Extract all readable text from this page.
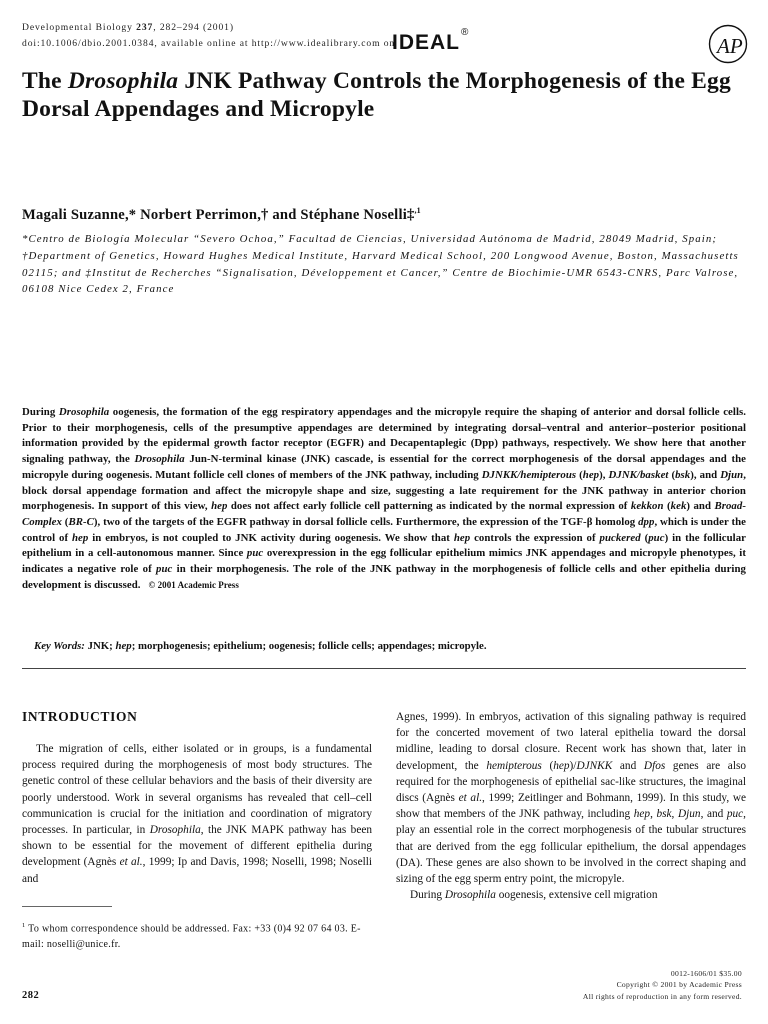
Developmental Biology 237, 282–294 (2001)
doi:10.1006/dbio.2001.0384, available online at http://www.idealibrary.com on
IDEAL®
AP
The Drosophila JNK Pathway Controls the Morphogenesis of the Egg Dorsal Appendages and Micropyle
Magali Suzanne,* Norbert Perrimon,† and Stéphane Noselli‡$^{,1}$
*Centro de Biología Molecular “Severo Ochoa,” Facultad de Ciencias, Universidad Autónoma de Madrid, 28049 Madrid, Spain; †Department of Genetics, Howard Hughes Medical Institute, Harvard Medical School, 200 Longwood Avenue, Boston, Massachusetts 02115; and ‡Institut de Recherches “Signalisation, Développement et Cancer,” Centre de Biochimie-UMR 6543-CNRS, Parc Valrose, 06108 Nice Cedex 2, France
During Drosophila oogenesis, the formation of the egg respiratory appendages and the micropyle require the shaping of anterior and dorsal follicle cells. Prior to their morphogenesis, cells of the presumptive appendages are determined by integrating dorsal–ventral and anterior–posterior positional information provided by the epidermal growth factor receptor (EGFR) and Decapentaplegic (Dpp) pathways, respectively. We show here that another signaling pathway, the Drosophila Jun-N-terminal kinase (JNK) cascade, is essential for the correct morphogenesis of the dorsal appendages and the micropyle during oogenesis. Mutant follicle cell clones of members of the JNK pathway, including DJNKK/hemipterous (hep), DJNK/basket (bsk), and Djun, block dorsal appendage formation and affect the micropyle shape and size, suggesting a late requirement for the JNK pathway in anterior chorion morphogenesis. In support of this view, hep does not affect early follicle cell patterning as indicated by the normal expression of kekkon (kek) and Broad-Complex (BR-C), two of the targets of the EGFR pathway in dorsal follicle cells. Furthermore, the expression of the TGF-β homolog dpp, which is under the control of hep in embryos, is not coupled to JNK activity during oogenesis. We show that hep controls the expression of puckered (puc) in the follicular epithelium in a cell-autonomous manner. Since puc overexpression in the egg follicular epithelium mimics JNK appendages and micropyle phenotypes, it indicates a negative role of puc in their morphogenesis. The role of the JNK pathway in the morphogenesis of follicle cells and other epithelia during development is discussed. © 2001 Academic Press
Key Words: JNK; hep; morphogenesis; epithelium; oogenesis; follicle cells; appendages; micropyle.
INTRODUCTION

The migration of cells, either isolated or in groups, is a fundamental process required during the morphogenesis of most body structures. The genetic control of these cellular behaviors and the basis of their diversity are poorly understood. Work in several organisms has revealed that cell–cell communication is crucial for the initiation and coordination of migratory processes. In particular, in Drosophila, the JNK MAPK pathway has been shown to be essential for the movement of different epithelia during development (Agnès et al., 1999; Ip and Davis, 1998; Noselli, 1998; Noselli and

Agnes, 1999). In embryos, activation of this signaling pathway is required for the concerted movement of two lateral epithelia toward the dorsal midline, leading to dorsal closure. Recent work has shown that, later in development, the hemipterous (hep)/DJNKK and Dfos genes are also required for the morphogenesis of epithelial sac-like structures, the imaginal discs (Agnès et al., 1999; Zeitlinger and Bohmann, 1999). In this study, we show that members of the JNK pathway, including hep, bsk, Djun, and puc, play an essential role in the correct morphogenesis of the tubular structures that are derived from the egg follicular epithelium, the dorsal appendages (DA). These genes are also shown to be involved in the correct shaping and sizing of the egg sperm entry point, the micropyle.

During Drosophila oogenesis, extensive cell migration

$^1$ To whom correspondence should be addressed. Fax: +33 (0)4 92 07 64 03. E-mail: noselli@unice.fr.
0012-1606/01 $35.00
Copyright © 2001 by Academic Press
All rights of reproduction in any form reserved.
282
